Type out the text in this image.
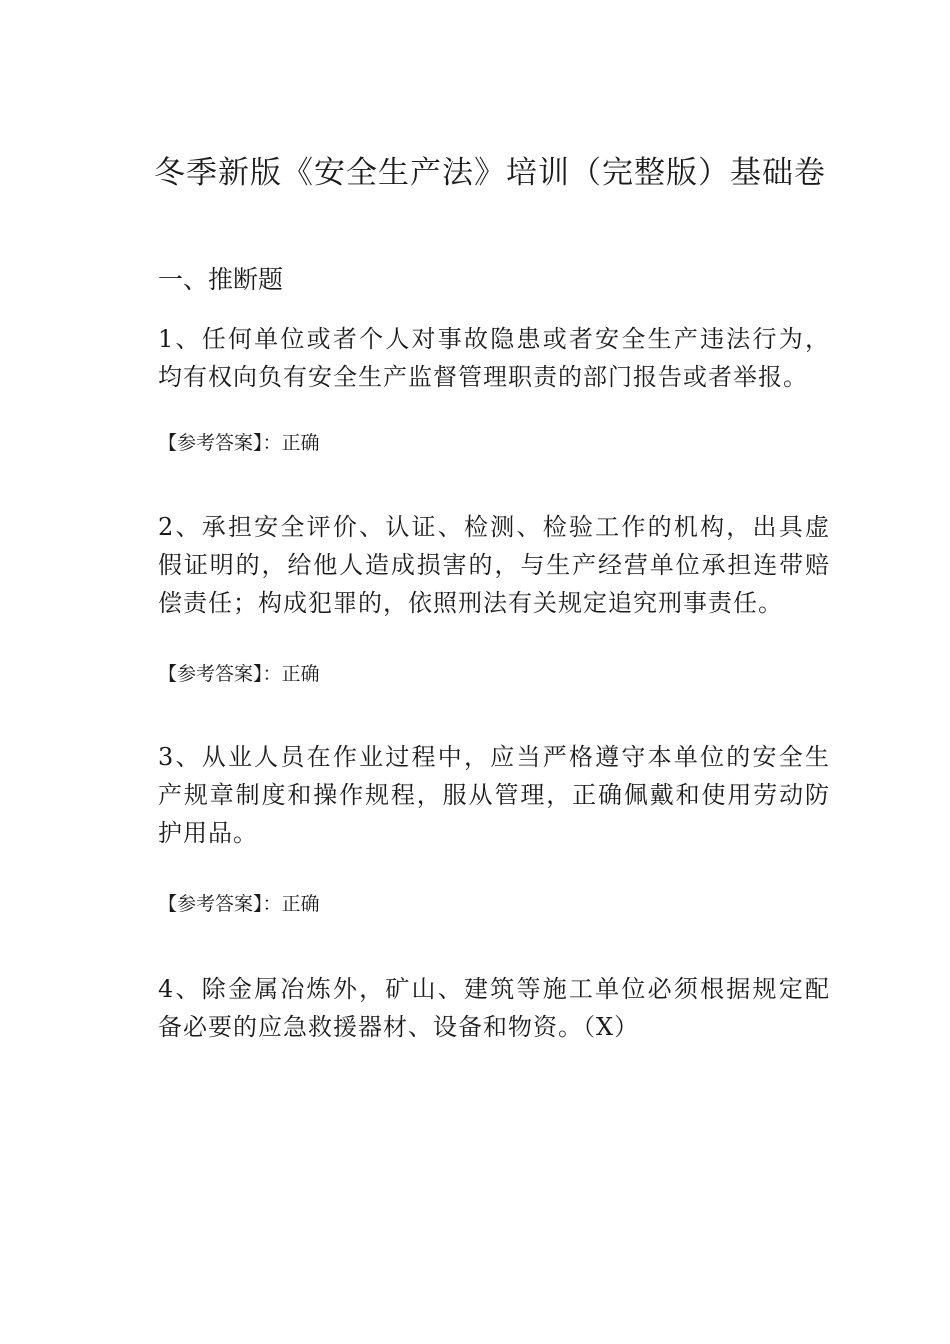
冬季新版《安全生产法》培训（完整版）基础卷
一、推断题

1、任何单位或者个人对事故隐患或者安全生产违法行为， 均有权向负有安全生产监督管理职责的部门报告或者举报。

【参考答案】：正确

2、承担安全评价、认证、检测、检验工作的机构，出具虚 假证明的，给他人造成损害的，与生产经营单位承担连带赔 偿责任；构成犯罪的，依照刑法有关规定追究刑事责任。

【参考答案】：正确

3、从业人员在作业过程中，应当严格遵守本单位的安全生 产规章制度和操作规程，服从管理，正确佩戴和使用劳动防 护用品。

【参考答案】：正确

4、除金属冶炼外，矿山、建筑等施工单位必须根据规定配 备必要的应急救援器材、设备和物资。（X）
